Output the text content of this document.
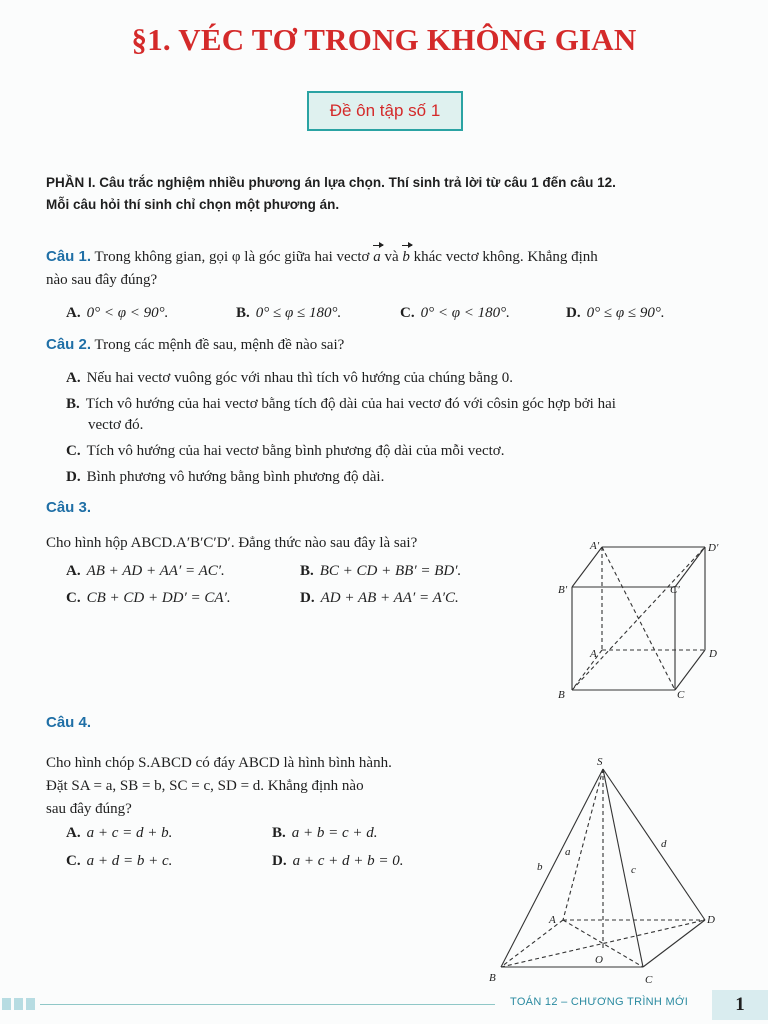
§1. VÉC TƠ TRONG KHÔNG GIAN
Đề ôn tập số 1
PHẦN I. Câu trắc nghiệm nhiều phương án lựa chọn. Thí sinh trả lời từ câu 1 đến câu 12.
Mỗi câu hỏi thí sinh chỉ chọn một phương án.
Câu 1. Trong không gian, gọi φ là góc giữa hai vectơ a và b khác vectơ không. Khẳng định
nào sau đây đúng?
A. 0° < φ < 90°.	B. 0° ≤ φ ≤ 180°.	C. 0° < φ < 180°.	D. 0° ≤ φ ≤ 90°.
Câu 2. Trong các mệnh đề sau, mệnh đề nào sai?
A. Nếu hai vectơ vuông góc với nhau thì tích vô hướng của chúng bằng 0.
B. Tích vô hướng của hai vectơ bằng tích độ dài của hai vectơ đó với côsin góc hợp bởi hai
vectơ đó.
C. Tích vô hướng của hai vectơ bằng bình phương độ dài của mỗi vectơ.
D. Bình phương vô hướng bằng bình phương độ dài.
Câu 3.
Cho hình hộp ABCD.A′B′C′D′. Đẳng thức nào sau đây là sai?
A. AB + AD + AA′ = AC′.	B. BC + CD + BB′ = BD′.
C. CB + CD + DD′ = CA′.	D. AD + AB + AA′ = A′C.
A′	D′
B′	C′
A	D
B	C
Câu 4.
Cho hình chóp S.ABCD có đáy ABCD là hình bình hành.
Đặt SA = a, SB = b, SC = c, SD = d. Khẳng định nào
sau đây đúng?
A. a + c = d + b.	B. a + b = c + d.
C. a + d = b + c.	D. a + c + d + b = 0.
S
A	D
B	C
O
a
b	c
d
TOÁN 12 – CHƯƠNG TRÌNH MỚI	1
